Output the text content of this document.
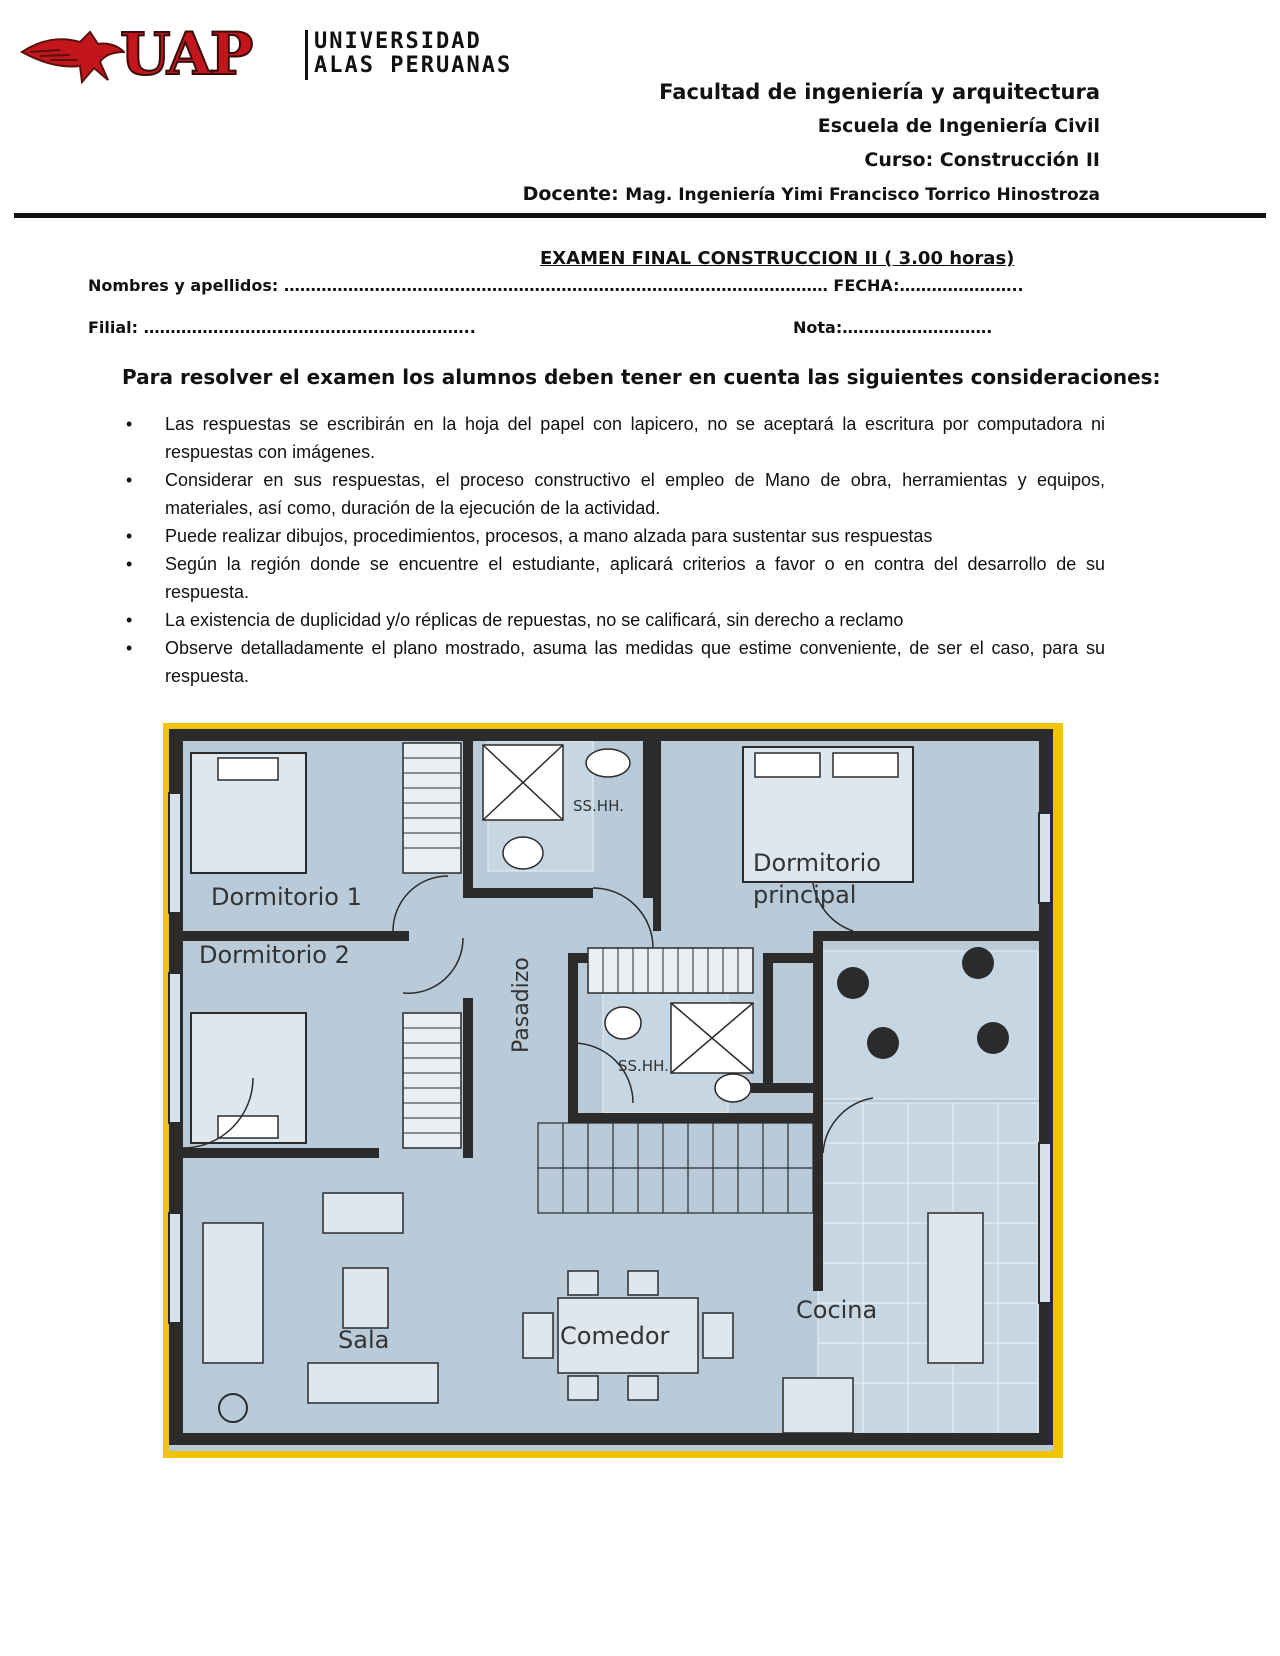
UAP	UNIVERSIDAD
ALAS PERUANAS
Facultad de ingeniería y arquitectura
Escuela de Ingeniería Civil
Curso: Construcción II
Docente: Mag. Ingeniería Yimi Francisco Torrico Hinostroza
EXAMEN FINAL CONSTRUCCION II ( 3.00 horas)
Nombres y apellidos: ………………………………………………………………………………………… FECHA:…………………..
Filial: ……………………………………………………..	Nota:……………………….
Para resolver el examen los alumnos deben tener en cuenta las siguientes consideraciones:
• Las respuestas se escribirán en la hoja del papel con lapicero, no se aceptará la escritura por computadora ni respuestas con imágenes.
• Considerar en sus respuestas, el proceso constructivo el empleo de Mano de obra, herramientas y equipos, materiales, así como, duración de la ejecución de la actividad.
• Puede realizar dibujos, procedimientos, procesos, a mano alzada para sustentar sus respuestas
• Según la región donde se encuentre el estudiante, aplicará criterios a favor o en contra del desarrollo de su respuesta.
• La existencia de duplicidad y/o réplicas de repuestas, no se calificará, sin derecho a reclamo
• Observe detalladamente el plano mostrado, asuma las medidas que estime conveniente, de ser el caso, para su respuesta.
Dormitorio 1
Dormitorio 2
Dormitorio
principal
Sala	Comedor
Cocina
SS.HH.
SS.HH.
Pasadizo
